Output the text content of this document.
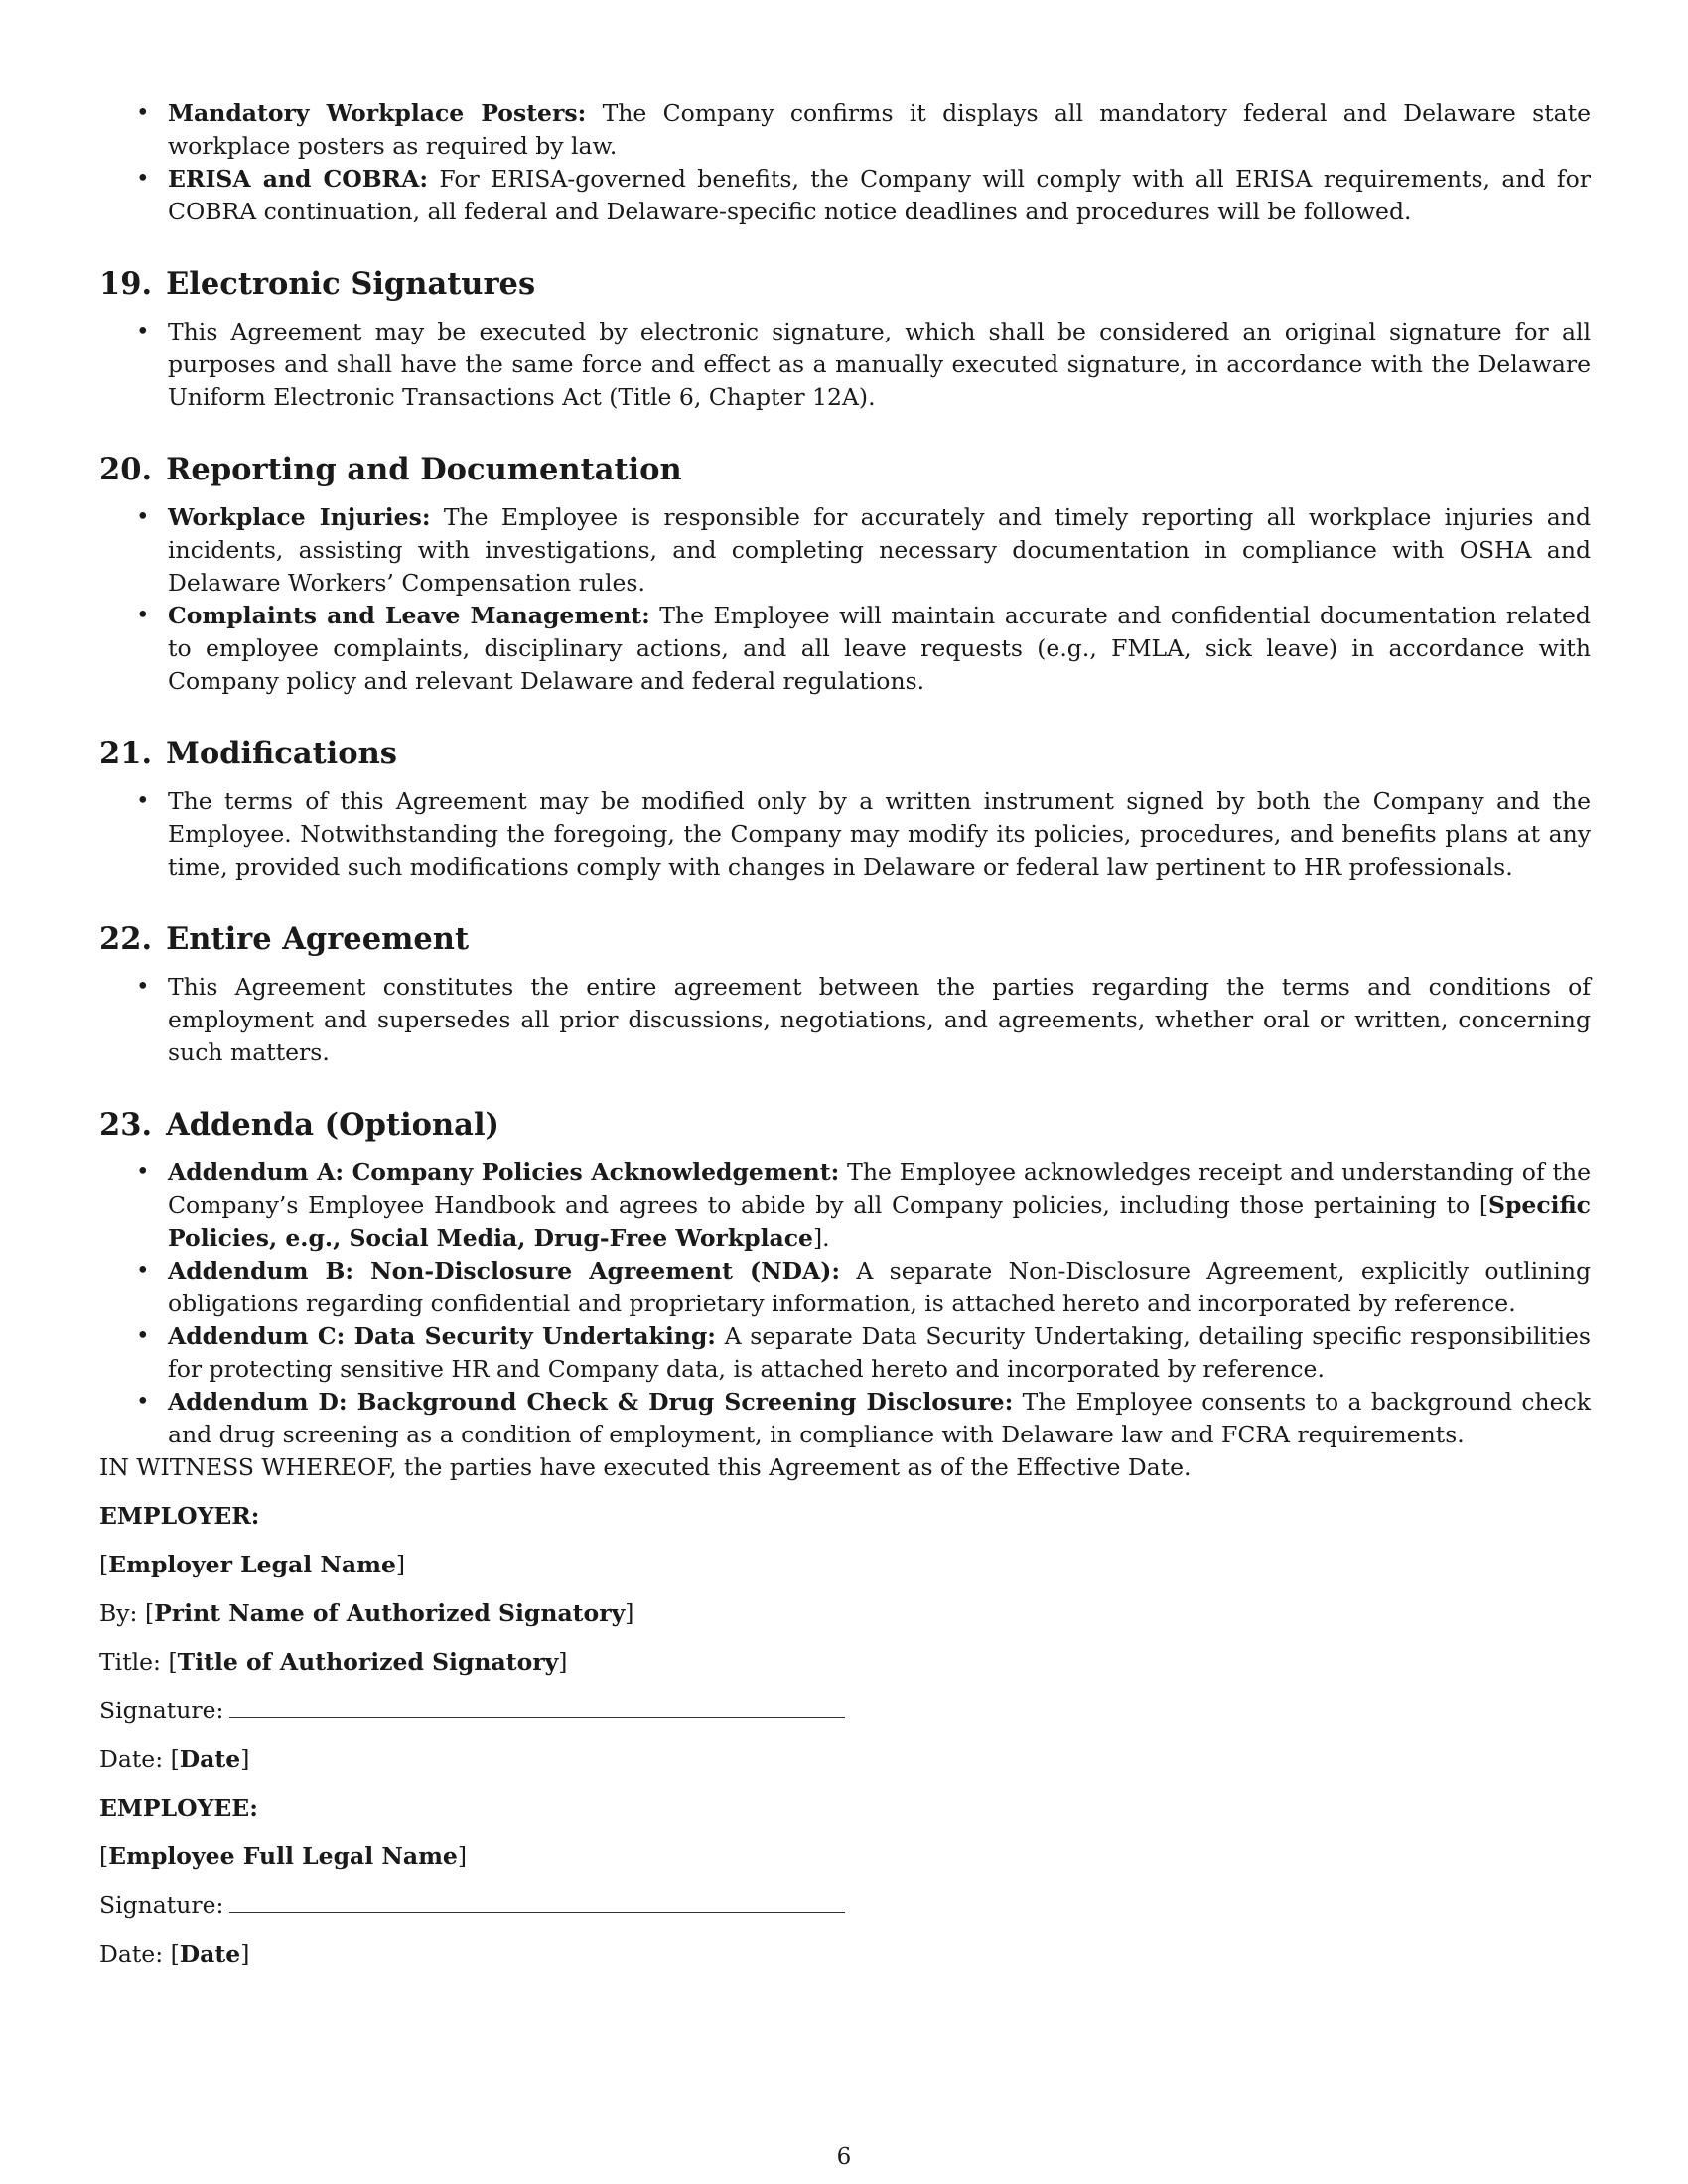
• Mandatory Workplace Posters: The Company confirms it displays all mandatory federal and Delaware state workplace posters as required by law.
• ERISA and COBRA: For ERISA-governed benefits, the Company will comply with all ERISA requirements, and for COBRA continuation, all federal and Delaware-specific notice deadlines and procedures will be followed.
19. Electronic Signatures
• This Agreement may be executed by electronic signature, which shall be considered an original signature for all purposes and shall have the same force and effect as a manually executed signature, in accordance with the Delaware Uniform Electronic Transactions Act (Title 6, Chapter 12A).
20. Reporting and Documentation
• Workplace Injuries: The Employee is responsible for accurately and timely reporting all workplace injuries and incidents, assisting with investigations, and completing necessary documentation in compliance with OSHA and Delaware Workers’ Compensation rules.
• Complaints and Leave Management: The Employee will maintain accurate and confidential documentation related to employee complaints, disciplinary actions, and all leave requests (e.g., FMLA, sick leave) in accordance with Company policy and relevant Delaware and federal regulations.
21. Modifications
• The terms of this Agreement may be modified only by a written instrument signed by both the Company and the Employee. Notwithstanding the foregoing, the Company may modify its policies, procedures, and benefits plans at any time, provided such modifications comply with changes in Delaware or federal law pertinent to HR professionals.
22. Entire Agreement
• This Agreement constitutes the entire agreement between the parties regarding the terms and conditions of employment and supersedes all prior discussions, negotiations, and agreements, whether oral or written, concerning such matters.
23. Addenda (Optional)
• Addendum A: Company Policies Acknowledgement: The Employee acknowledges receipt and understanding of the Company’s Employee Handbook and agrees to abide by all Company policies, including those pertaining to [Specific Policies, e.g., Social Media, Drug-Free Workplace].
• Addendum B: Non-Disclosure Agreement (NDA): A separate Non-Disclosure Agreement, explicitly outlining obligations regarding confidential and proprietary information, is attached hereto and incorporated by reference.
• Addendum C: Data Security Undertaking: A separate Data Security Undertaking, detailing specific responsibilities for protecting sensitive HR and Company data, is attached hereto and incorporated by reference.
• Addendum D: Background Check & Drug Screening Disclosure: The Employee consents to a background check and drug screening as a condition of employment, in compliance with Delaware law and FCRA requirements.

IN WITNESS WHEREOF, the parties have executed this Agreement as of the Effective Date.

EMPLOYER:

[Employer Legal Name]

By: [Print Name of Authorized Signatory]

Title: [Title of Authorized Signatory]

Signature:

Date: [Date]

EMPLOYEE:

[Employee Full Legal Name]

Signature:

Date: [Date]

6
